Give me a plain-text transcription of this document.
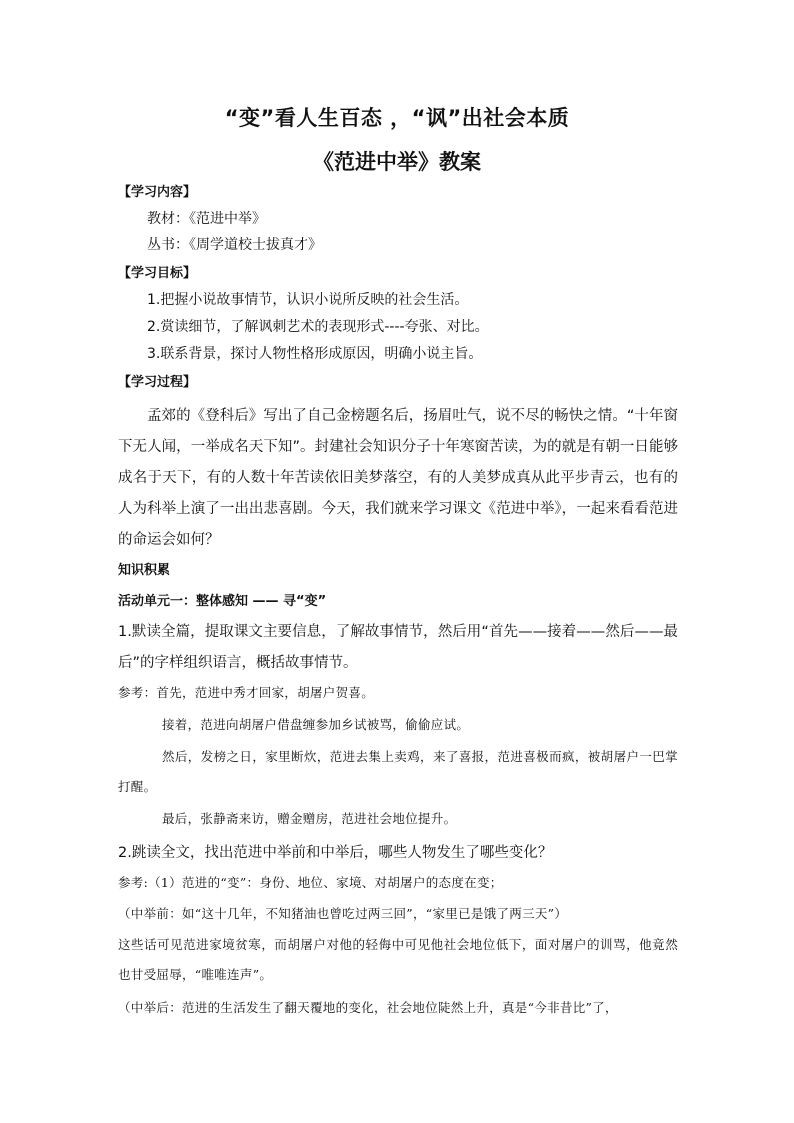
“变”看人生百态 ，“讽”出社会本质
《范进中举》教案
【学习内容】
教材：《范进中举》
丛书：《周学道校士拔真才》
【学习目标】
1.把握小说故事情节，认识小说所反映的社会生活。
2.赏读细节，了解讽刺艺术的表现形式----夸张、对比。
3.联系背景，探讨人物性格形成原因，明确小说主旨。
【学习过程】
孟郊的《登科后》写出了自己金榜题名后，扬眉吐气，说不尽的畅快之情。“十年窗下无人闻，一举成名天下知”。封建社会知识分子十年寒窗苦读，为的就是有朝一日能够成名于天下，有的人数十年苦读依旧美梦落空，有的人美梦成真从此平步青云，也有的人为科举上演了一出出悲喜剧。今天，我们就来学习课文《范进中举》，一起来看看范进的命运会如何？
知识积累
活动单元一：整体感知 —— 寻“变”
1.默读全篇，提取课文主要信息，了解故事情节，然后用“首先——接着——然后——最后”的字样组织语言，概括故事情节。
参考：首先，范进中秀才回家，胡屠户贺喜。
接着，范进向胡屠户借盘缠参加乡试被骂，偷偷应试。
然后，发榜之日，家里断炊，范进去集上卖鸡，来了喜报，范进喜极而疯，被胡屠户一巴掌打醒。
最后，张静斋来访，赠金赠房，范进社会地位提升。
2.跳读全文，找出范进中举前和中举后，哪些人物发生了哪些变化？
参考:（1）范进的“变”：身份、地位、家境、对胡屠户的态度在变；
（中举前：如“这十几年，不知猪油也曾吃过两三回”，“家里已是饿了两三天”）
这些话可见范进家境贫寒，而胡屠户对他的轻侮中可见他社会地位低下，面对屠户的训骂，他竟然也甘受屈辱，“唯唯连声”。
（中举后：范进的生活发生了翻天覆地的变化，社会地位陡然上升，真是“今非昔比”了，
